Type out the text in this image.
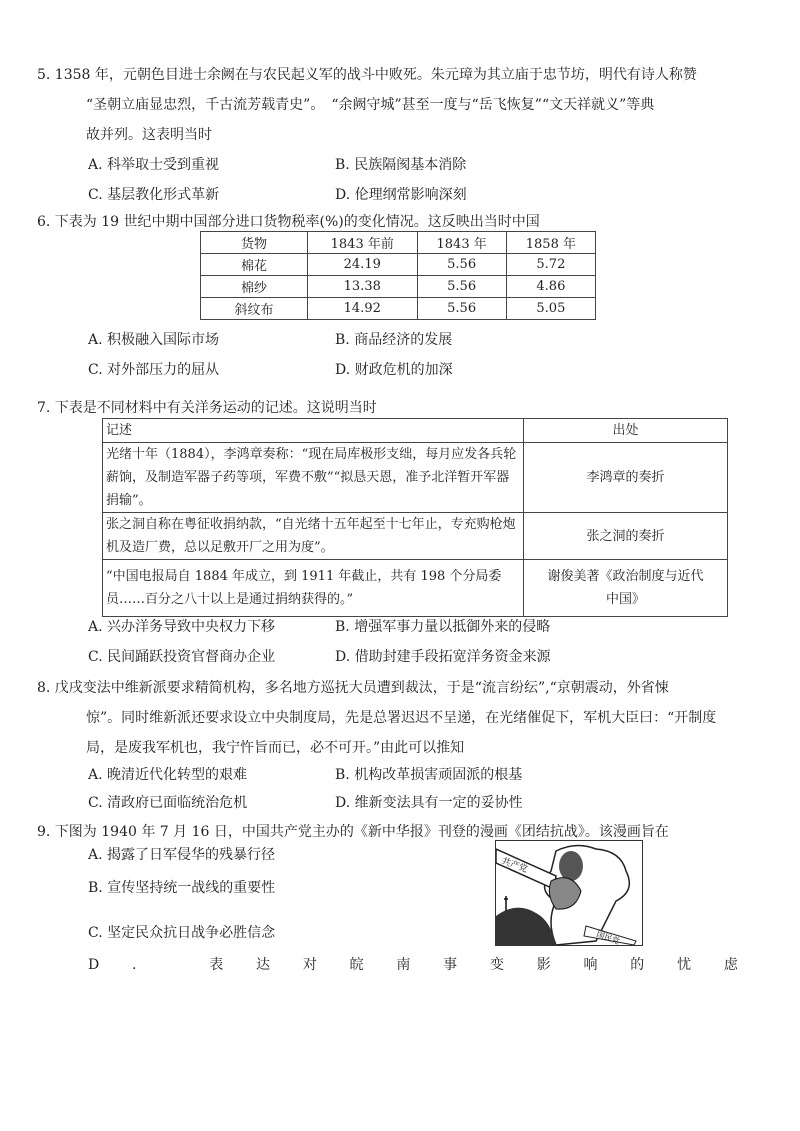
5. 1358 年，元朝色目进士余阙在与农民起义军的战斗中败死。朱元璋为其立庙于忠节坊，明代有诗人称赞
“圣朝立庙显忠烈，千古流芳载青史”。　“余阙守城”甚至一度与“岳飞恢复”“文天祥就义”等典
故并列。这表明当时
A. 科举取士受到重视	B. 民族隔阂基本消除
C. 基层教化形式革新	D. 伦理纲常影响深刻
6. 下表为 19 世纪中期中国部分进口货物税率(%)的变化情况。这反映出当时中国
货物	1843 年前	1843 年	1858 年
棉花	24.19	5.56	5.72
棉纱	13.38	5.56	4.86
斜纹布	14.92	5.56	5.05
A. 积极融入国际市场	B. 商品经济的发展
C. 对外部压力的屈从	D. 财政危机的加深
7. 下表是不同材料中有关洋务运动的记述。这说明当时
记述	出处
光绪十年（1884），李鸿章奏称：“现在局库极形支绌，每月应发各兵轮薪饷，及制造军器子药等项，军费不敷”“拟恳天恩，准予北洋暂开军器捐输”。	李鸿章的奏折
张之洞自称在粤征收捐纳款，“自光绪十五年起至十七年止，专充购枪炮机及造厂费，总以足敷开厂之用为度”。	张之洞的奏折
“中国电报局自 1884 年成立，到 1911 年截止，共有 198 个分局委员……百分之八十以上是通过捐纳获得的。”	谢俊美著《政治制度与近代中国》
A. 兴办洋务导致中央权力下移	B. 增强军事力量以抵御外来的侵略
C. 民间踊跃投资官督商办企业	D. 借助封建手段拓宽洋务资金来源
8. 戊戌变法中维新派要求精简机构，多名地方巡抚大员遭到裁汰，于是“流言纷纭”,“京朝震动，外省悚
惊”。同时维新派还要求设立中央制度局，先是总署迟迟不呈递，在光绪催促下，军机大臣曰：“开制度
局，是废我军机也，我宁忤旨而已，必不可开。”由此可以推知
A. 晚清近代化转型的艰难	B. 机构改革损害顽固派的根基
C. 清政府已面临统治危机	D. 维新变法具有一定的妥协性
9. 下图为 1940 年 7 月 16 日，中国共产党主办的《新中华报》刊登的漫画《团结抗战》。该漫画旨在
A. 揭露了日军侵华的残暴行径
B. 宣传坚持统一战线的重要性
C. 坚定民众抗日战争必胜信念
D .	表 达 对 皖 南 事 变 影 响 的 忧 虑
共产党
国民党
